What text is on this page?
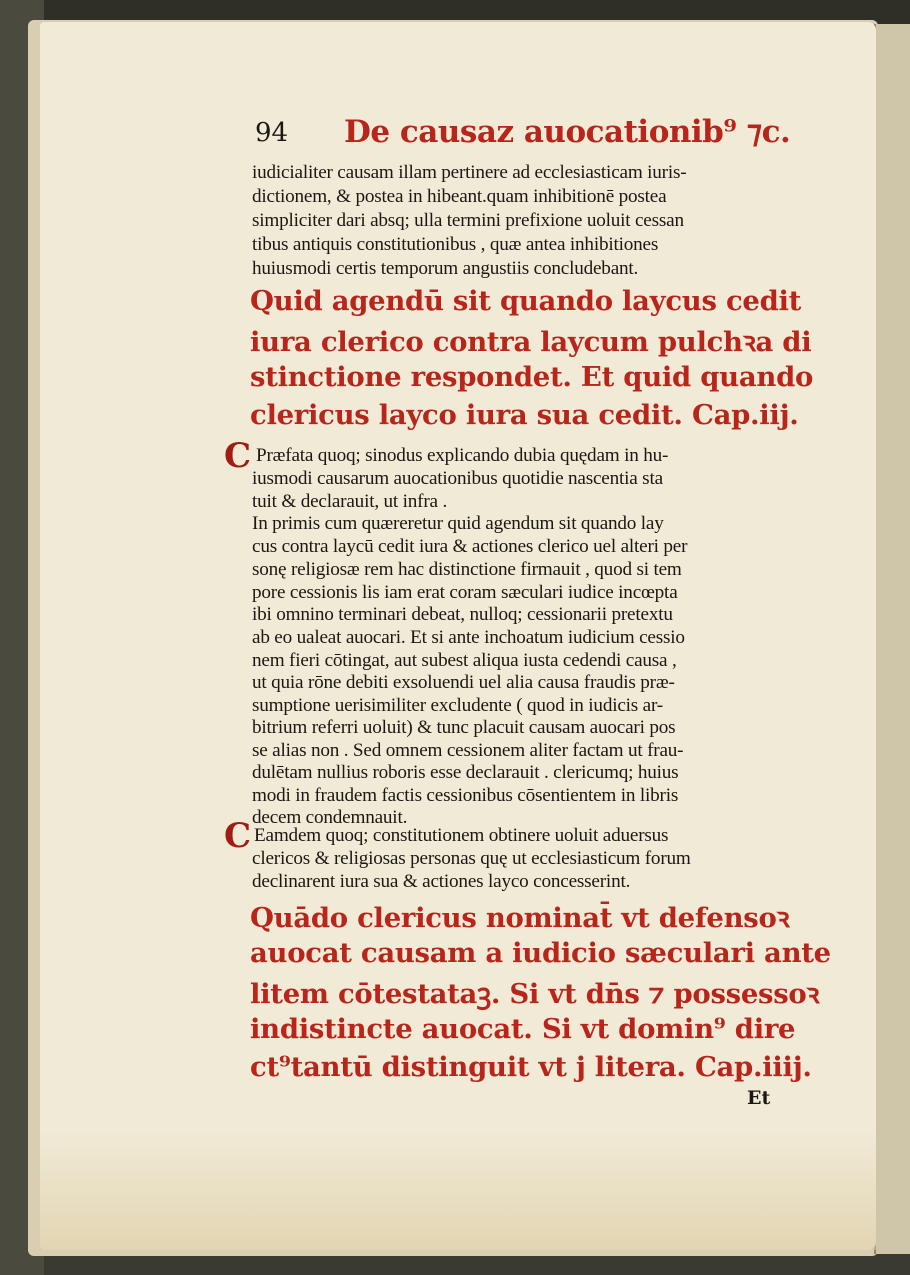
94 De causa​z auocationib⁹ ⁊c.
iudicialiter causam illam pertinere ad ecclesiasticam iuris-
dictionem, & postea in hibeant.quam inhibitionē postea
simpliciter dari absq; ulla termini prefixione uoluit cessan
tibus antiquis constitutionibus , quæ antea inhibitiones
huiusmodi certis temporum angustiis concludebant.
Quid agendū sit quando laycus cedit
iura clerico contra laycum pulchꝛa di
stinctione respondet. Et quid quando
clericus layco iura sua cedit. Cap.iij.
C Præfata quoq; sinodus explicando dubia quędam in hu-
iusmodi causarum auocationibus quotidie nascentia sta
tuit & declarauit, ut infra .
In primis cum quæreretur quid agendum sit quando lay
cus contra laycū cedit iura & actiones clerico uel alteri per
sonę religiosæ rem hac distinctione firmauit , quod si tem
pore cessionis lis iam erat coram sæculari iudice incœpta
ibi omnino terminari debeat, nulloq; cessionarii pretextu
ab eo ualeat auocari. Et si ante inchoatum iudicium cessio
nem fieri cōtingat, aut subest aliqua iusta cedendi causa ,
ut quia rōne debiti exsoluendi uel alia causa fraudis præ-
sumptione uerisimiliter excludente ( quod in iudicis ar-
bitrium referri uoluit) & tunc placuit causam auocari pos
se alias non . Sed omnem cessionem aliter factam ut frau-
dulētam nullius roboris esse declarauit . clericumq; huius
modi in fraudem factis cessionibus cōsentientem in libris
decem condemnauit.
C Eamdem quoq; constitutionem obtinere uoluit aduersus
clericos & religiosas personas quę ut ecclesiasticum forum
declinarent iura sua & actiones layco concesserint.
Quādo clericus nominat̄ vt defensoꝛ
auocat causam a iudicio sæculari ante
litem cōtestataꝫ. Si vt dn̄s ⁊ possessoꝛ
indistincte auocat. Si vt domin⁹ dire
ct⁹tantū distinguit vt j litera. Cap.iiij.
Et
